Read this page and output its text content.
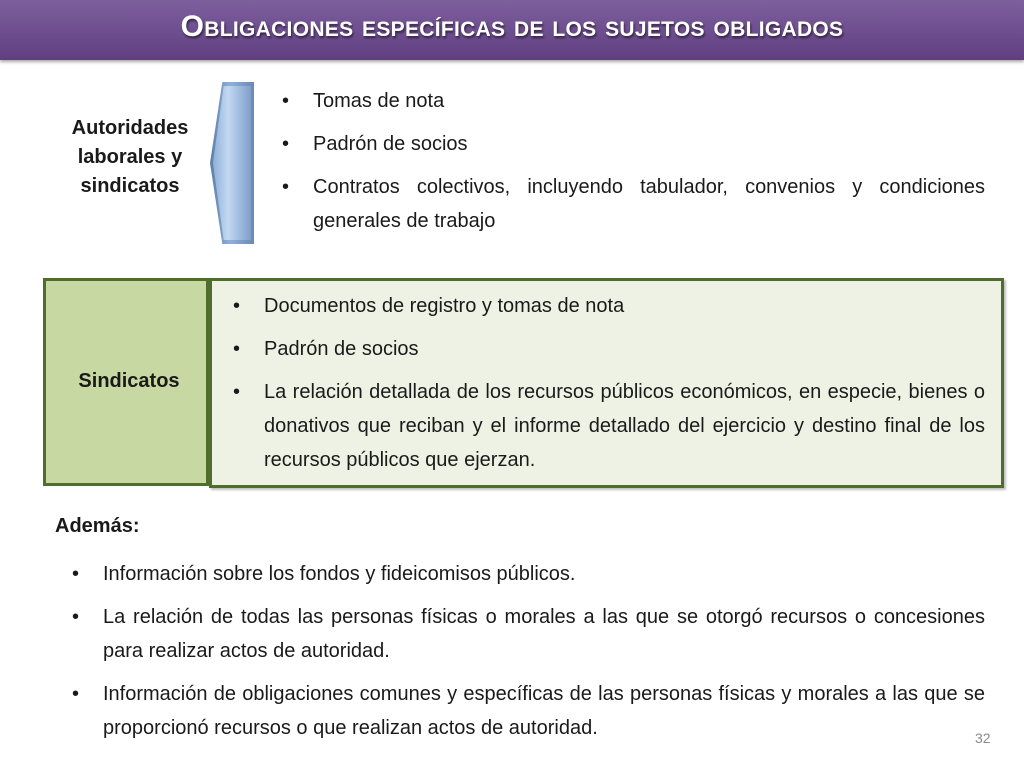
Obligaciones específicas de los sujetos obligados
Autoridades laborales y sindicatos
• Tomas de nota
• Padrón de socios
• Contratos colectivos, incluyendo tabulador, convenios y condiciones generales de trabajo
Sindicatos
• Documentos de registro y tomas de nota
• Padrón de socios
• La relación detallada de los recursos públicos económicos, en especie, bienes o donativos que reciban y el informe detallado del ejercicio y destino final de los recursos públicos que ejerzan.
Además:
• Información sobre los fondos y fideicomisos públicos.
• La relación de todas las personas físicas o morales a las que se otorgó recursos o concesiones para realizar actos de autoridad.
• Información de obligaciones comunes y específicas de las personas físicas y morales a las que se proporcionó recursos o que realizan actos de autoridad.	32
